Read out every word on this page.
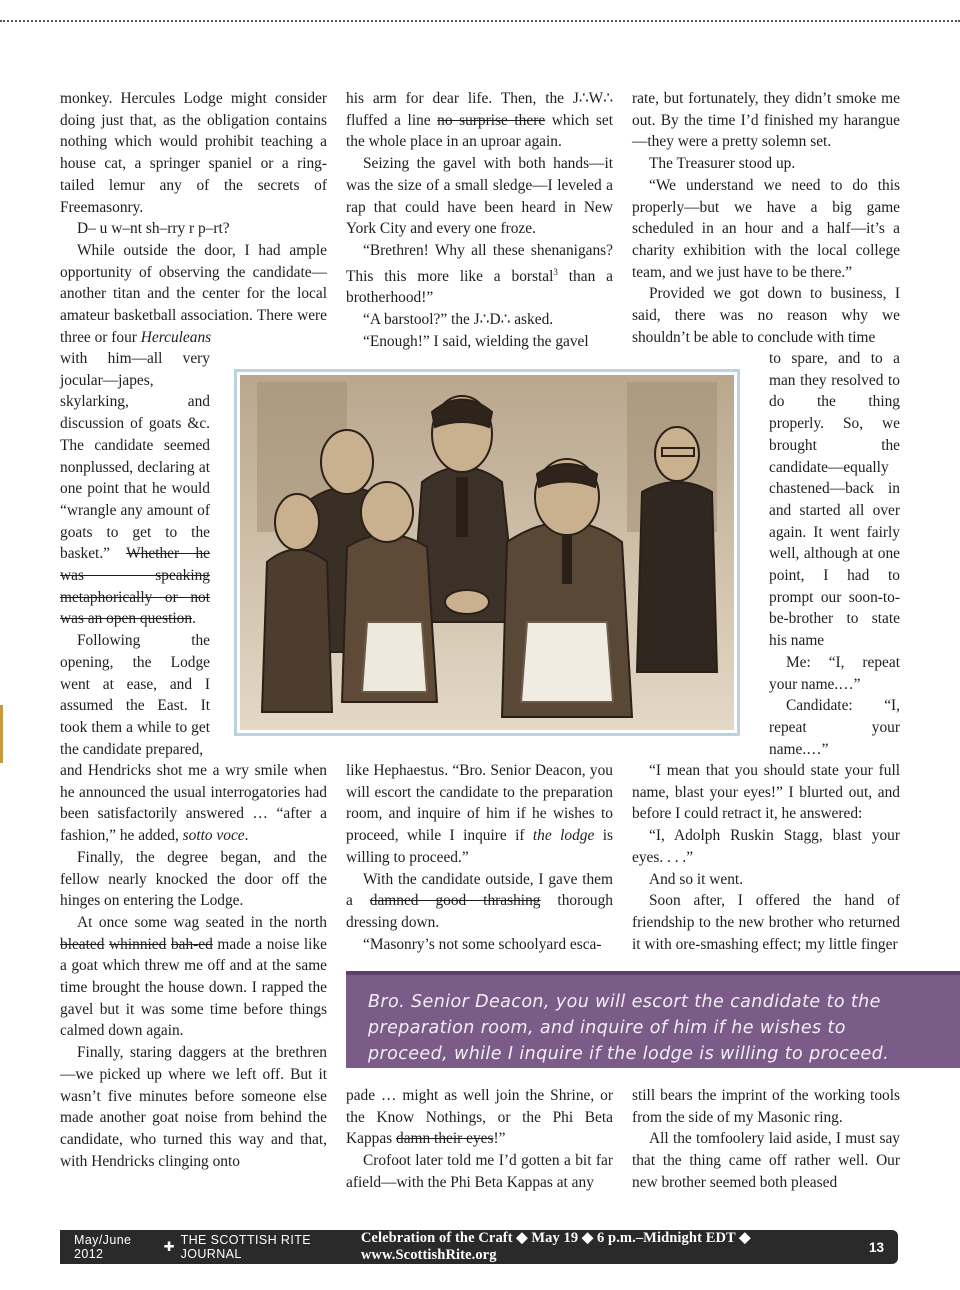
monkey. Hercules Lodge might consider doing just that, as the obligation contains nothing which would prohibit teaching a house cat, a springer spaniel or a ring-tailed lemur any of the secrets of Freemasonry.

D– u w–nt sh–rry r p–rt?

While outside the door, I had ample opportunity of observing the candidate—another titan and the center for the local amateur basketball association. There were three or four Herculeans

with him—all very jocular—japes, skylarking, and discussion of goats &c. The candidate seemed nonplussed, declaring at one point that he would “wrangle any amount of goats to get to the basket.” Whether he was speaking metaphorically or not was an open question.

Following the opening, the Lodge went at ease, and I assumed the East. It took them a while to get the candidate prepared,

and Hendricks shot me a wry smile when he announced the usual interrogatories had been satisfactorily answered … “after a fashion,” he added, sotto voce.

Finally, the degree began, and the fellow nearly knocked the door off the hinges on entering the Lodge.

At once some wag seated in the north bleated whinnied bah-ed made a noise like a goat which threw me off and at the same time brought the house down. I rapped the gavel but it was some time before things calmed down again.

Finally, staring daggers at the brethren—we picked up where we left off. But it wasn’t five minutes before someone else made another goat noise from behind the candidate, who turned this way and that, with Hendricks clinging onto

his arm for dear life. Then, the J∴W∴ fluffed a line no surprise there which set the whole place in an uproar again.

Seizing the gavel with both hands—it was the size of a small sledge—I leveled a rap that could have been heard in New York City and every one froze.

“Brethren! Why all these shenanigans? This this more like a borstal$^3$ than a brotherhood!”

“A barstool?” the J∴D∴ asked.

“Enough!” I said, wielding the gavel

like Hephaestus. “Bro. Senior Deacon, you will escort the candidate to the preparation room, and inquire of him if he wishes to proceed, while I inquire if the lodge is willing to proceed.”

With the candidate outside, I gave them a damned good thrashing thorough dressing down.

“Masonry’s not some schoolyard esca-

pade … might as well join the Shrine, or the Know Nothings, or the Phi Beta Kappas damn their eyes!”

Crofoot later told me I’d gotten a bit far afield—with the Phi Beta Kappas at any

rate, but fortunately, they didn’t smoke me out. By the time I’d finished my harangue—they were a pretty solemn set.

The Treasurer stood up.

“We understand we need to do this properly—but we have a big game scheduled in an hour and a half—it’s a charity exhibition with the local college team, and we just have to be there.”

Provided we got down to business, I said, there was no reason why we shouldn’t be able to conclude with time

to spare, and to a man they resolved to do the thing properly. So, we brought the candidate—equally chastened—back in and started all over again. It went fairly well, although at one point, I had to prompt our soon-to-be-brother to state his name

Me: “I, repeat your name.…”

Candidate: “I, repeat your name.…”

“I mean that you should state your full name, blast your eyes!” I blurted out, and before I could retract it, he answered:

“I, Adolph Ruskin Stagg, blast your eyes. . . .”

And so it went.

Soon after, I offered the hand of friendship to the new brother who returned it with ore-smashing effect; my little finger

still bears the imprint of the working tools from the side of my Masonic ring.

All the tomfoolery laid aside, I must say that the thing came off rather well. Our new brother seemed both pleased

Bro. Senior Deacon, you will escort the candidate to the preparation room, and inquire of him if he wishes to proceed, while I inquire if the lodge is willing to proceed.
May/June 2012	✚ THE SCOTTISH RITE JOURNAL
Celebration of the Craft ◆ May 19 ◆ 6 p.m.–Midnight EDT ◆ www.ScottishRite.org	13
